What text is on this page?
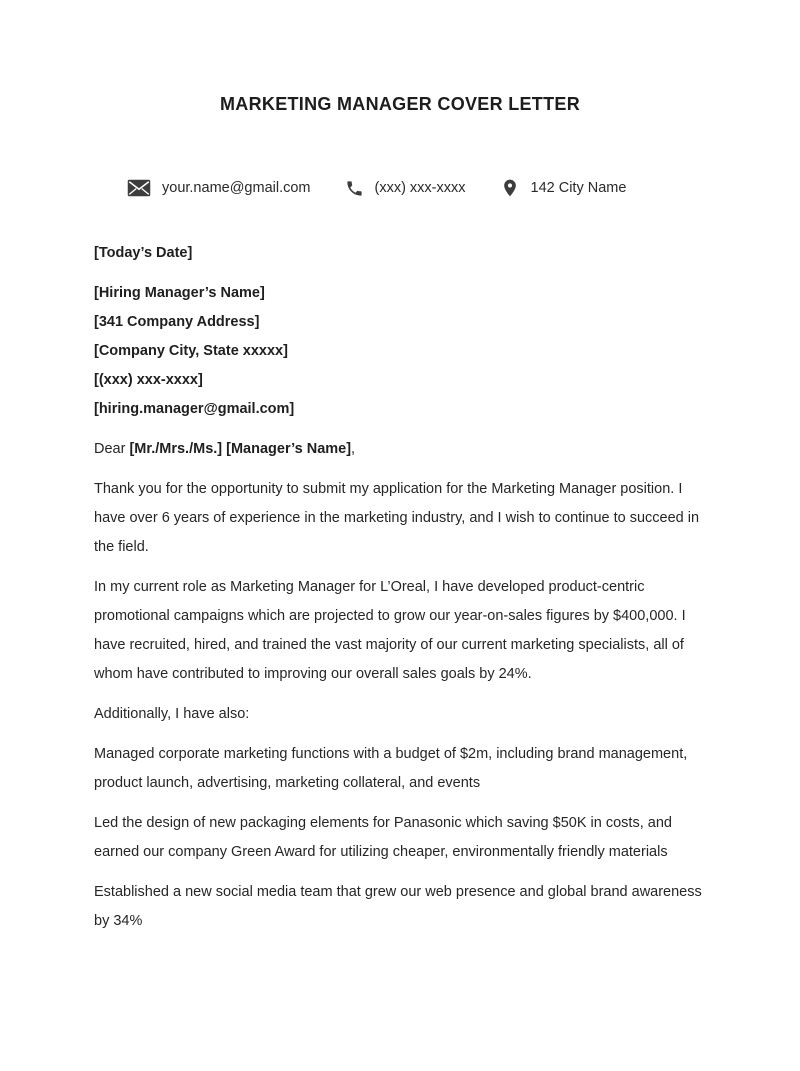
MARKETING MANAGER COVER LETTER
your.name@gmail.com	(xxx) xxx-xxxx	142 City Name
[Today’s Date]
[Hiring Manager’s Name]
[341 Company Address]
[Company City, State xxxxx]
[(xxx) xxx-xxxx]
[hiring.manager@gmail.com]

Dear [Mr./Mrs./Ms.] [Manager’s Name],

Thank you for the opportunity to submit my application for the Marketing Manager position. I have over 6 years of experience in the marketing industry, and I wish to continue to succeed in the field.

In my current role as Marketing Manager for L’Oreal, I have developed product-centric promotional campaigns which are projected to grow our year-on-sales figures by $400,000. I have recruited, hired, and trained the vast majority of our current marketing specialists, all of whom have contributed to improving our overall sales goals by 24%.

Additionally, I have also:

Managed corporate marketing functions with a budget of $2m, including brand management, product launch, advertising, marketing collateral, and events

Led the design of new packaging elements for Panasonic which saving $50K in costs, and earned our company Green Award for utilizing cheaper, environmentally friendly materials

Established a new social media team that grew our web presence and global brand awareness by 34%
